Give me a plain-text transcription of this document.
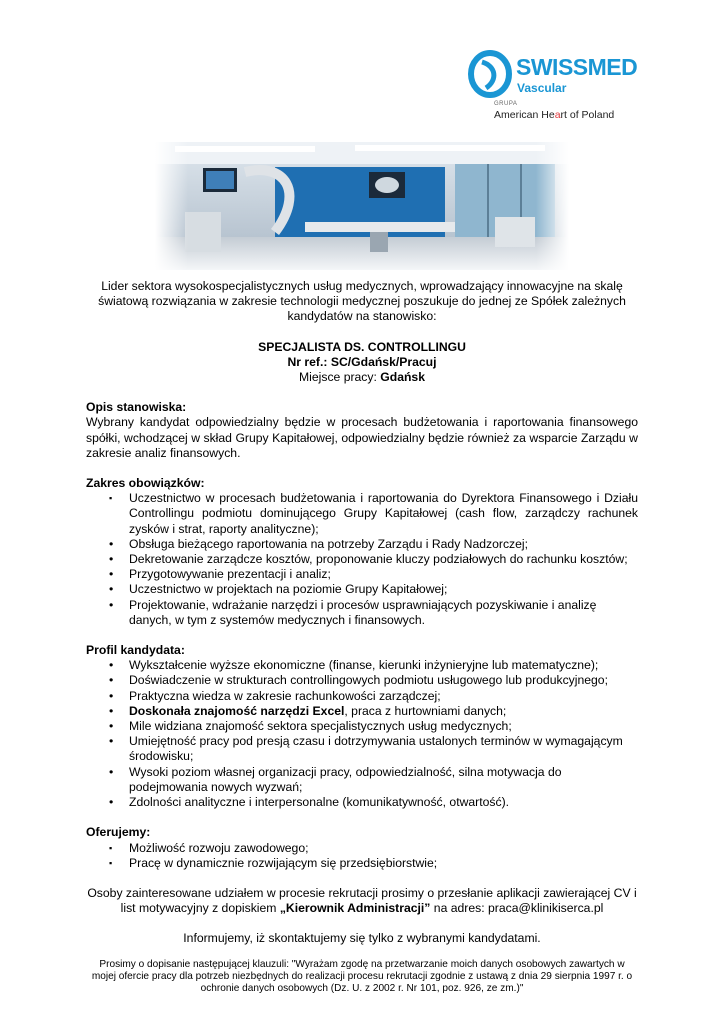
SWISSMED
Vascular
GRUPA
American Heart of Poland

Lider sektora wysokospecjalistycznych usług medycznych, wprowadzający innowacyjne na skalę światową rozwiązania w zakresie technologii medycznej poszukuje do jednej ze Spółek zależnych kandydatów na stanowisko:

SPECJALISTA DS. CONTROLLINGU

Nr ref.: SC/Gdańsk/Pracuj

Miejsce pracy: Gdańsk

Opis stanowiska:

Wybrany kandydat odpowiedzialny będzie w procesach budżetowania i raportowania finansowego spółki, wchodzącej w skład Grupy Kapitałowej, odpowiedzialny będzie również za wsparcie Zarządu w zakresie analiz finansowych.

Zakres obowiązków:

▪ Uczestnictwo w procesach budżetowania i raportowania do Dyrektora Finansowego i Działu Controllingu podmiotu dominującego Grupy Kapitałowej (cash flow, zarządczy rachunek zysków i strat, raporty analityczne);
• Obsługa bieżącego raportowania na potrzeby Zarządu i Rady Nadzorczej;
• Dekretowanie zarządcze kosztów, proponowanie kluczy podziałowych do rachunku kosztów;
• Przygotowywanie prezentacji i analiz;
• Uczestnictwo w projektach na poziomie Grupy Kapitałowej;
• Projektowanie, wdrażanie narzędzi i procesów usprawniających pozyskiwanie i analizę danych, w tym z systemów medycznych i finansowych.

Profil kandydata:

• Wykształcenie wyższe ekonomiczne (finanse, kierunki inżynieryjne lub matematyczne);
• Doświadczenie w strukturach controllingowych podmiotu usługowego lub produkcyjnego;
• Praktyczna wiedza w zakresie rachunkowości zarządczej;
• Doskonała znajomość narzędzi Excel, praca z hurtowniami danych;
• Mile widziana znajomość sektora specjalistycznych usług medycznych;
• Umiejętność pracy pod presją czasu i dotrzymywania ustalonych terminów w wymagającym środowisku;
• Wysoki poziom własnej organizacji pracy, odpowiedzialność, silna motywacja do podejmowania nowych wyzwań;
• Zdolności analityczne i interpersonalne (komunikatywność, otwartość).

Oferujemy:

▪ Możliwość rozwoju zawodowego;
▪ Pracę w dynamicznie rozwijającym się przedsiębiorstwie;

Osoby zainteresowane udziałem w procesie rekrutacji prosimy o przesłanie aplikacji zawierającej CV i list motywacyjny z dopiskiem „Kierownik Administracji” na adres: praca@klinikiserca.pl

Informujemy, iż skontaktujemy się tylko z wybranymi kandydatami.

Prosimy o dopisanie następującej klauzuli: "Wyrażam zgodę na przetwarzanie moich danych osobowych zawartych w mojej ofercie pracy dla potrzeb niezbędnych do realizacji procesu rekrutacji zgodnie z ustawą z dnia 29 sierpnia 1997 r. o ochronie danych osobowych (Dz. U. z 2002 r. Nr 101, poz. 926, ze zm.)"
